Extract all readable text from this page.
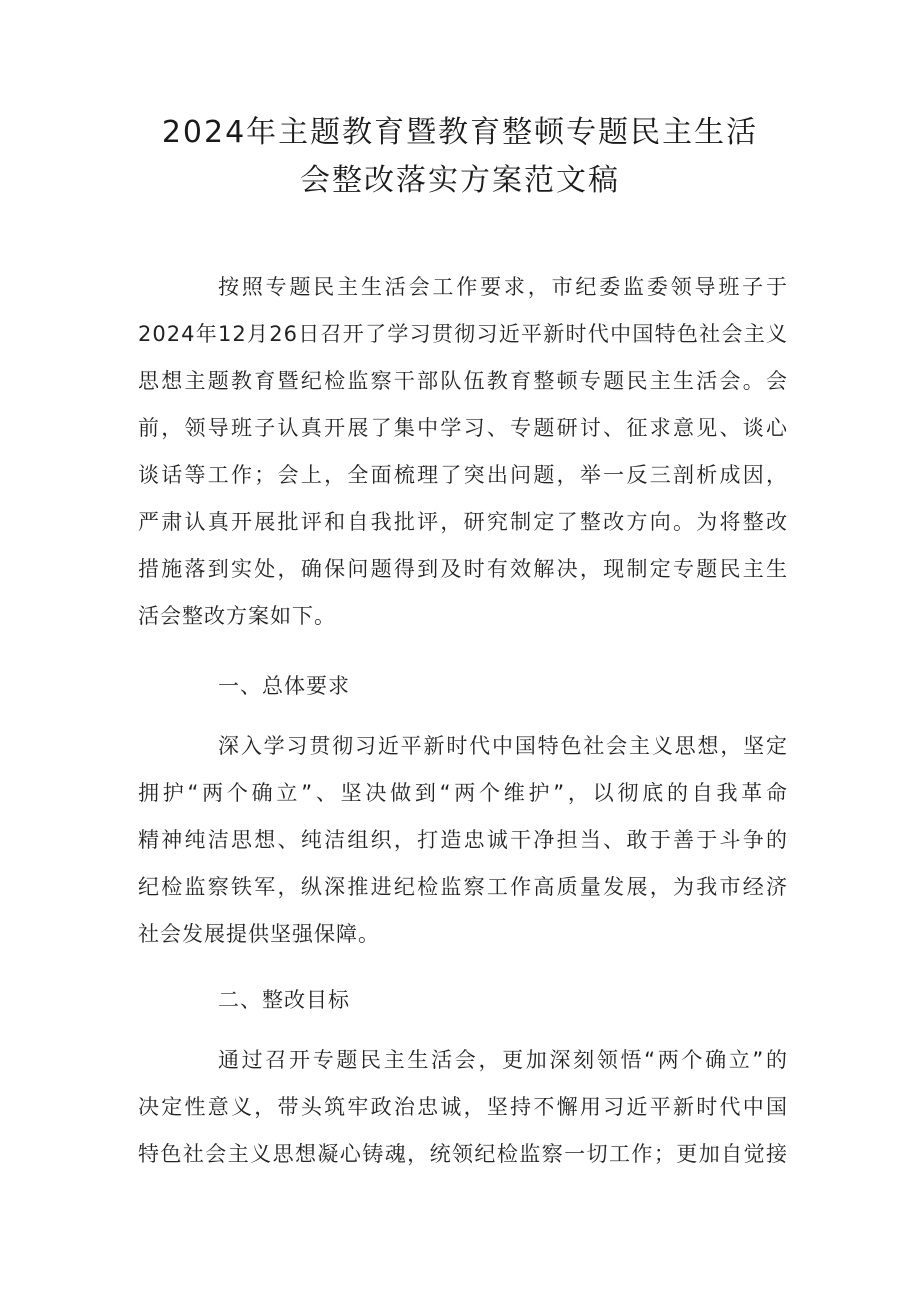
2024年主题教育暨教育整顿专题民主生活
会整改落实方案范文稿
按照专题民主生活会工作要求，市纪委监委领导班子于
2024年12月26日召开了学习贯彻习近平新时代中国特色社会主义
思想主题教育暨纪检监察干部队伍教育整顿专题民主生活会。会
前，领导班子认真开展了集中学习、专题研讨、征求意见、谈心
谈话等工作；会上，全面梳理了突出问题，举一反三剖析成因，
严肃认真开展批评和自我批评，研究制定了整改方向。为将整改
措施落到实处，确保问题得到及时有效解决，现制定专题民主生
活会整改方案如下。
一、总体要求
深入学习贯彻习近平新时代中国特色社会主义思想，坚定
拥护“两个确立”、坚决做到“两个维护”，以彻底的自我革命
精神纯洁思想、纯洁组织，打造忠诚干净担当、敢于善于斗争的
纪检监察铁军，纵深推进纪检监察工作高质量发展，为我市经济
社会发展提供坚强保障。
二、整改目标
通过召开专题民主生活会，更加深刻领悟“两个确立”的
决定性意义，带头筑牢政治忠诚，坚持不懈用习近平新时代中国
特色社会主义思想凝心铸魂，统领纪检监察一切工作；更加自觉接
